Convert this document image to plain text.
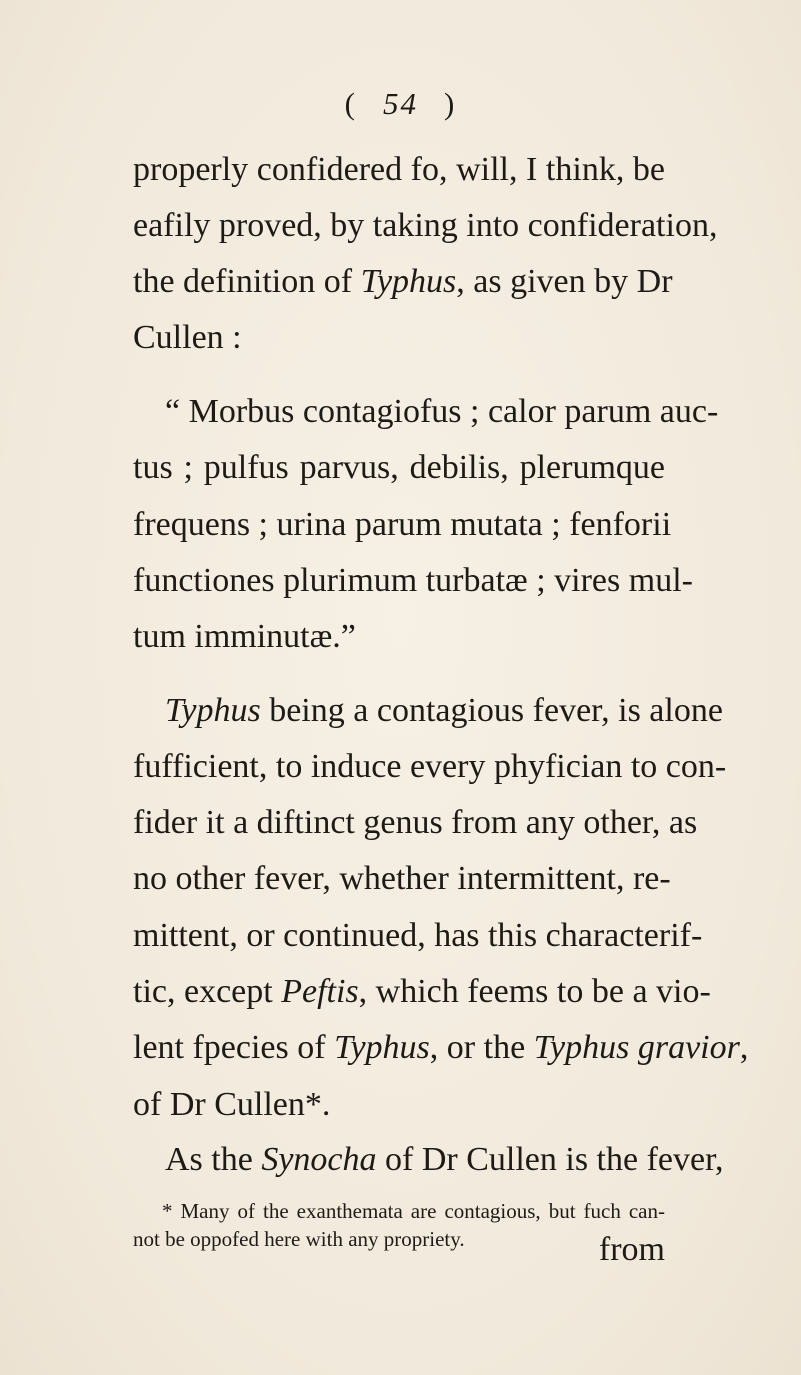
( 54 )
properly confidered fo, will, I think, be
eafily proved, by taking into confideration,
the definition of Typhus, as given by Dr
Cullen :
“ Morbus contagiofus ; calor parum auc-
tus ; pulfus parvus, debilis, plerumque
frequens ; urina parum mutata ; fenforii
functiones plurimum turbatæ ; vires mul-
tum imminutæ.”
Typhus being a contagious fever, is alone
fufficient, to induce every phyfician to con-
fider it a diftinct genus from any other, as
no other fever, whether intermittent, re-
mittent, or continued, has this characterif-
tic, except Peftis, which feems to be a vio-
lent fpecies of Typhus, or the Typhus gravior,
of Dr Cullen*.
As the Synocha of Dr Cullen is the fever,
* Many of the exanthemata are contagious, but fuch can-
not be oppofed here with any propriety.	from
